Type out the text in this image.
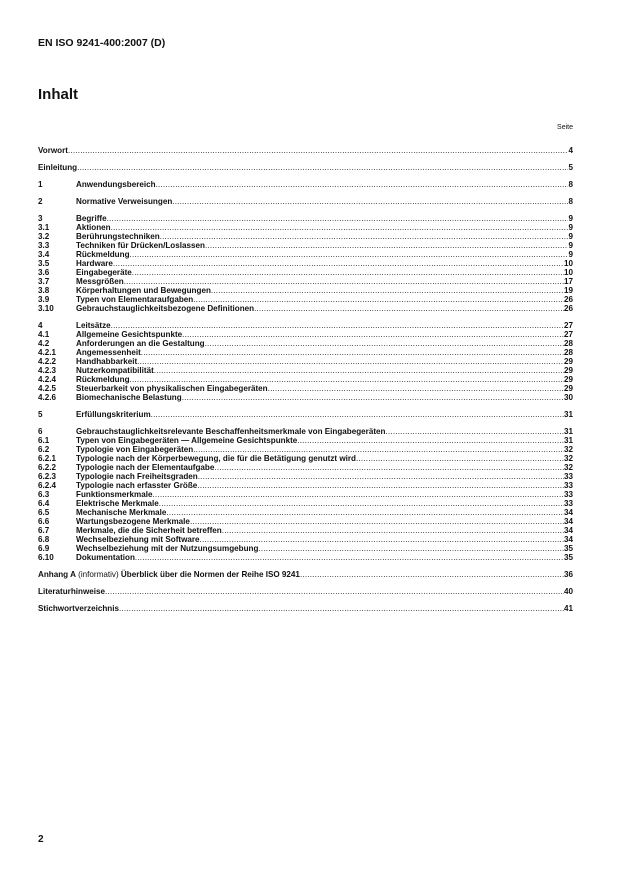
EN ISO 9241-400:2007 (D)
Inhalt
Seite
Vorwort .....	4
Einleitung .....	5
1	Anwendungsbereich .....	8
2	Normative Verweisungen .....	8
3	Begriffe .....	9
3.1	Aktionen .....	9
3.2	Berührungstechniken .....	9
3.3	Techniken für Drücken/Loslassen .....	9
3.4	Rückmeldung .....	9
3.5	Hardware .....	10
3.6	Eingabegeräte .....	10
3.7	Messgrößen .....	17
3.8	Körperhaltungen und Bewegungen .....	19
3.9	Typen von Elementaraufgaben .....	26
3.10	Gebrauchstauglichkeitsbezogene Definitionen .....	26
4	Leitsätze .....	27
4.1	Allgemeine Gesichtspunkte .....	27
4.2	Anforderungen an die Gestaltung .....	28
4.2.1 Angemessenheit .....	28
4.2.2 Handhabbarkeit .....	29
4.2.3 Nutzerkompatibilität .....	29
4.2.4 Rückmeldung .....	29
4.2.5 Steuerbarkeit von physikalischen Eingabegeräten .....	29
4.2.6 Biomechanische Belastung .....	30
5	Erfüllungskriterium .....	31
6	Gebrauchstauglichkeitsrelevante Beschaffenheitsmerkmale von Eingabegeräten .....	31
6.1	Typen von Eingabegeräten — Allgemeine Gesichtspunkte .....	31
6.2	Typologie von Eingabegeräten .....	32
6.2.1 Typologie nach der Körperbewegung, die für die Betätigung genutzt wird .....	32
6.2.2 Typologie nach der Elementaufgabe .....	32
6.2.3 Typologie nach Freiheitsgraden .....	33
6.2.4 Typologie nach erfasster Größe .....	33
6.3	Funktionsmerkmale .....	33
6.4	Elektrische Merkmale .....	33
6.5	Mechanische Merkmale .....	34
6.6	Wartungsbezogene Merkmale .....	34
6.7	Merkmale, die die Sicherheit betreffen .....	34
6.8	Wechselbeziehung mit Software .....	34
6.9	Wechselbeziehung mit der Nutzungsumgebung .....	35
6.10	Dokumentation .....	35
Anhang A (informativ) Überblick über die Normen der Reihe ISO 9241 .....	36
Literaturhinweise .....	40
Stichwortverzeichnis .....	41
2
